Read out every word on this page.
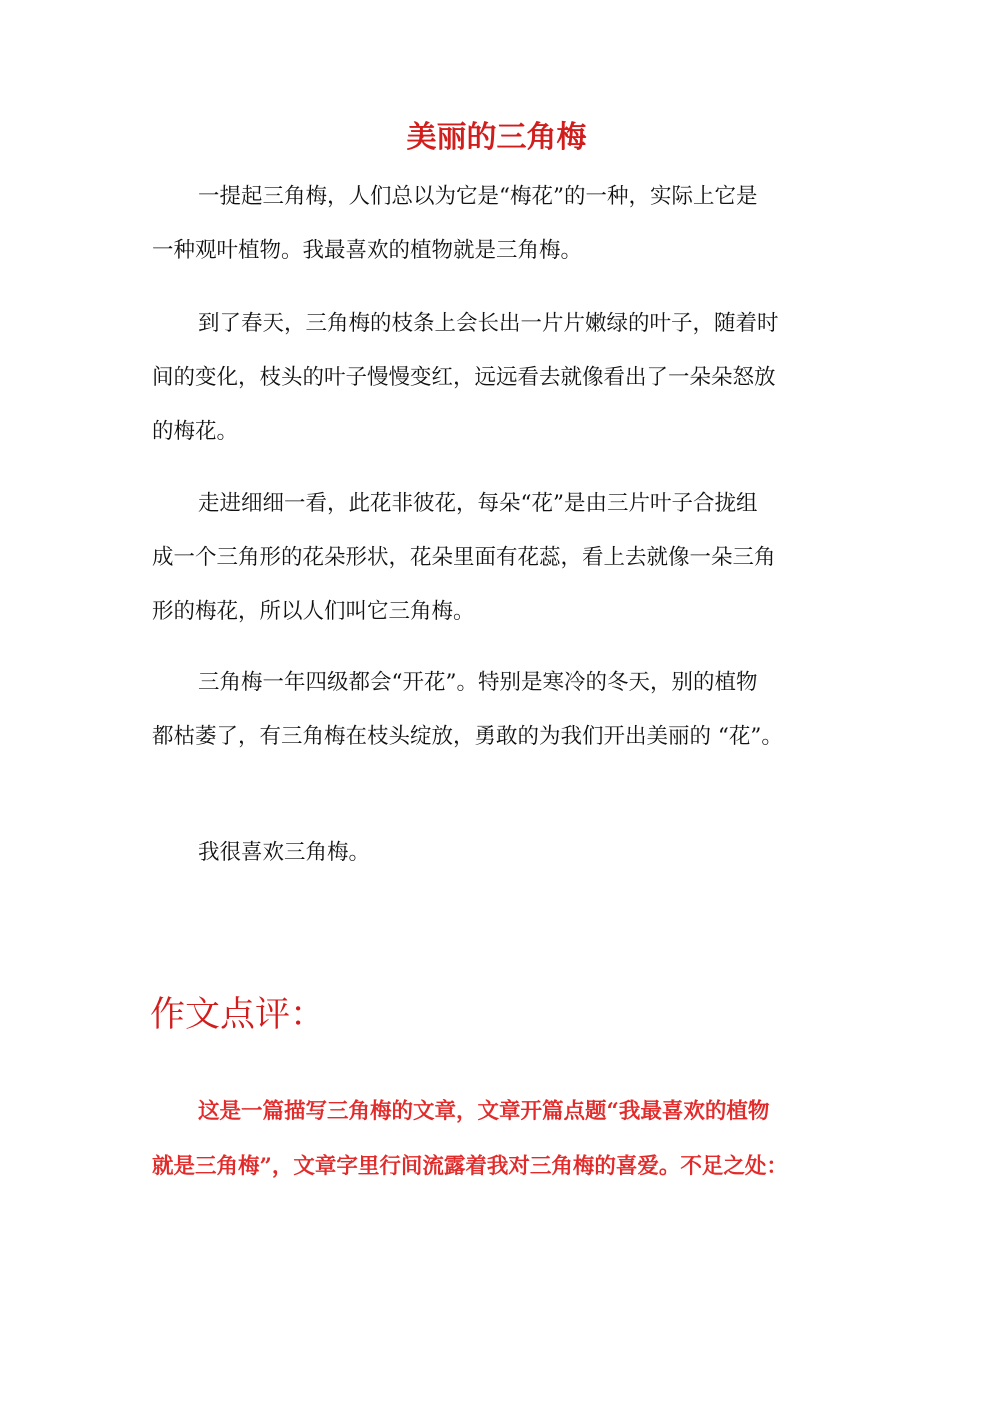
美丽的三角梅

一提起三角梅，人们总以为它是“梅花”的一种，实际上它是

一种观叶植物。我最喜欢的植物就是三角梅。

到了春天，三角梅的枝条上会长出一片片嫩绿的叶子，随着时

间的变化，枝头的叶子慢慢变红，远远看去就像看出了一朵朵怒放

的梅花。

走进细细一看，此花非彼花，每朵“花”是由三片叶子合拢组

成一个三角形的花朵形状，花朵里面有花蕊，看上去就像一朵三角

形的梅花，所以人们叫它三角梅。

三角梅一年四级都会“开花”。特别是寒冷的冬天，别的植物

都枯萎了，有三角梅在枝头绽放，勇敢的为我们开出美丽的 “花”。

我很喜欢三角梅。

作文点评：

这是一篇描写三角梅的文章，文章开篇点题“我最喜欢的植物

就是三角梅”，文章字里行间流露着我对三角梅的喜爱。不足之处：
